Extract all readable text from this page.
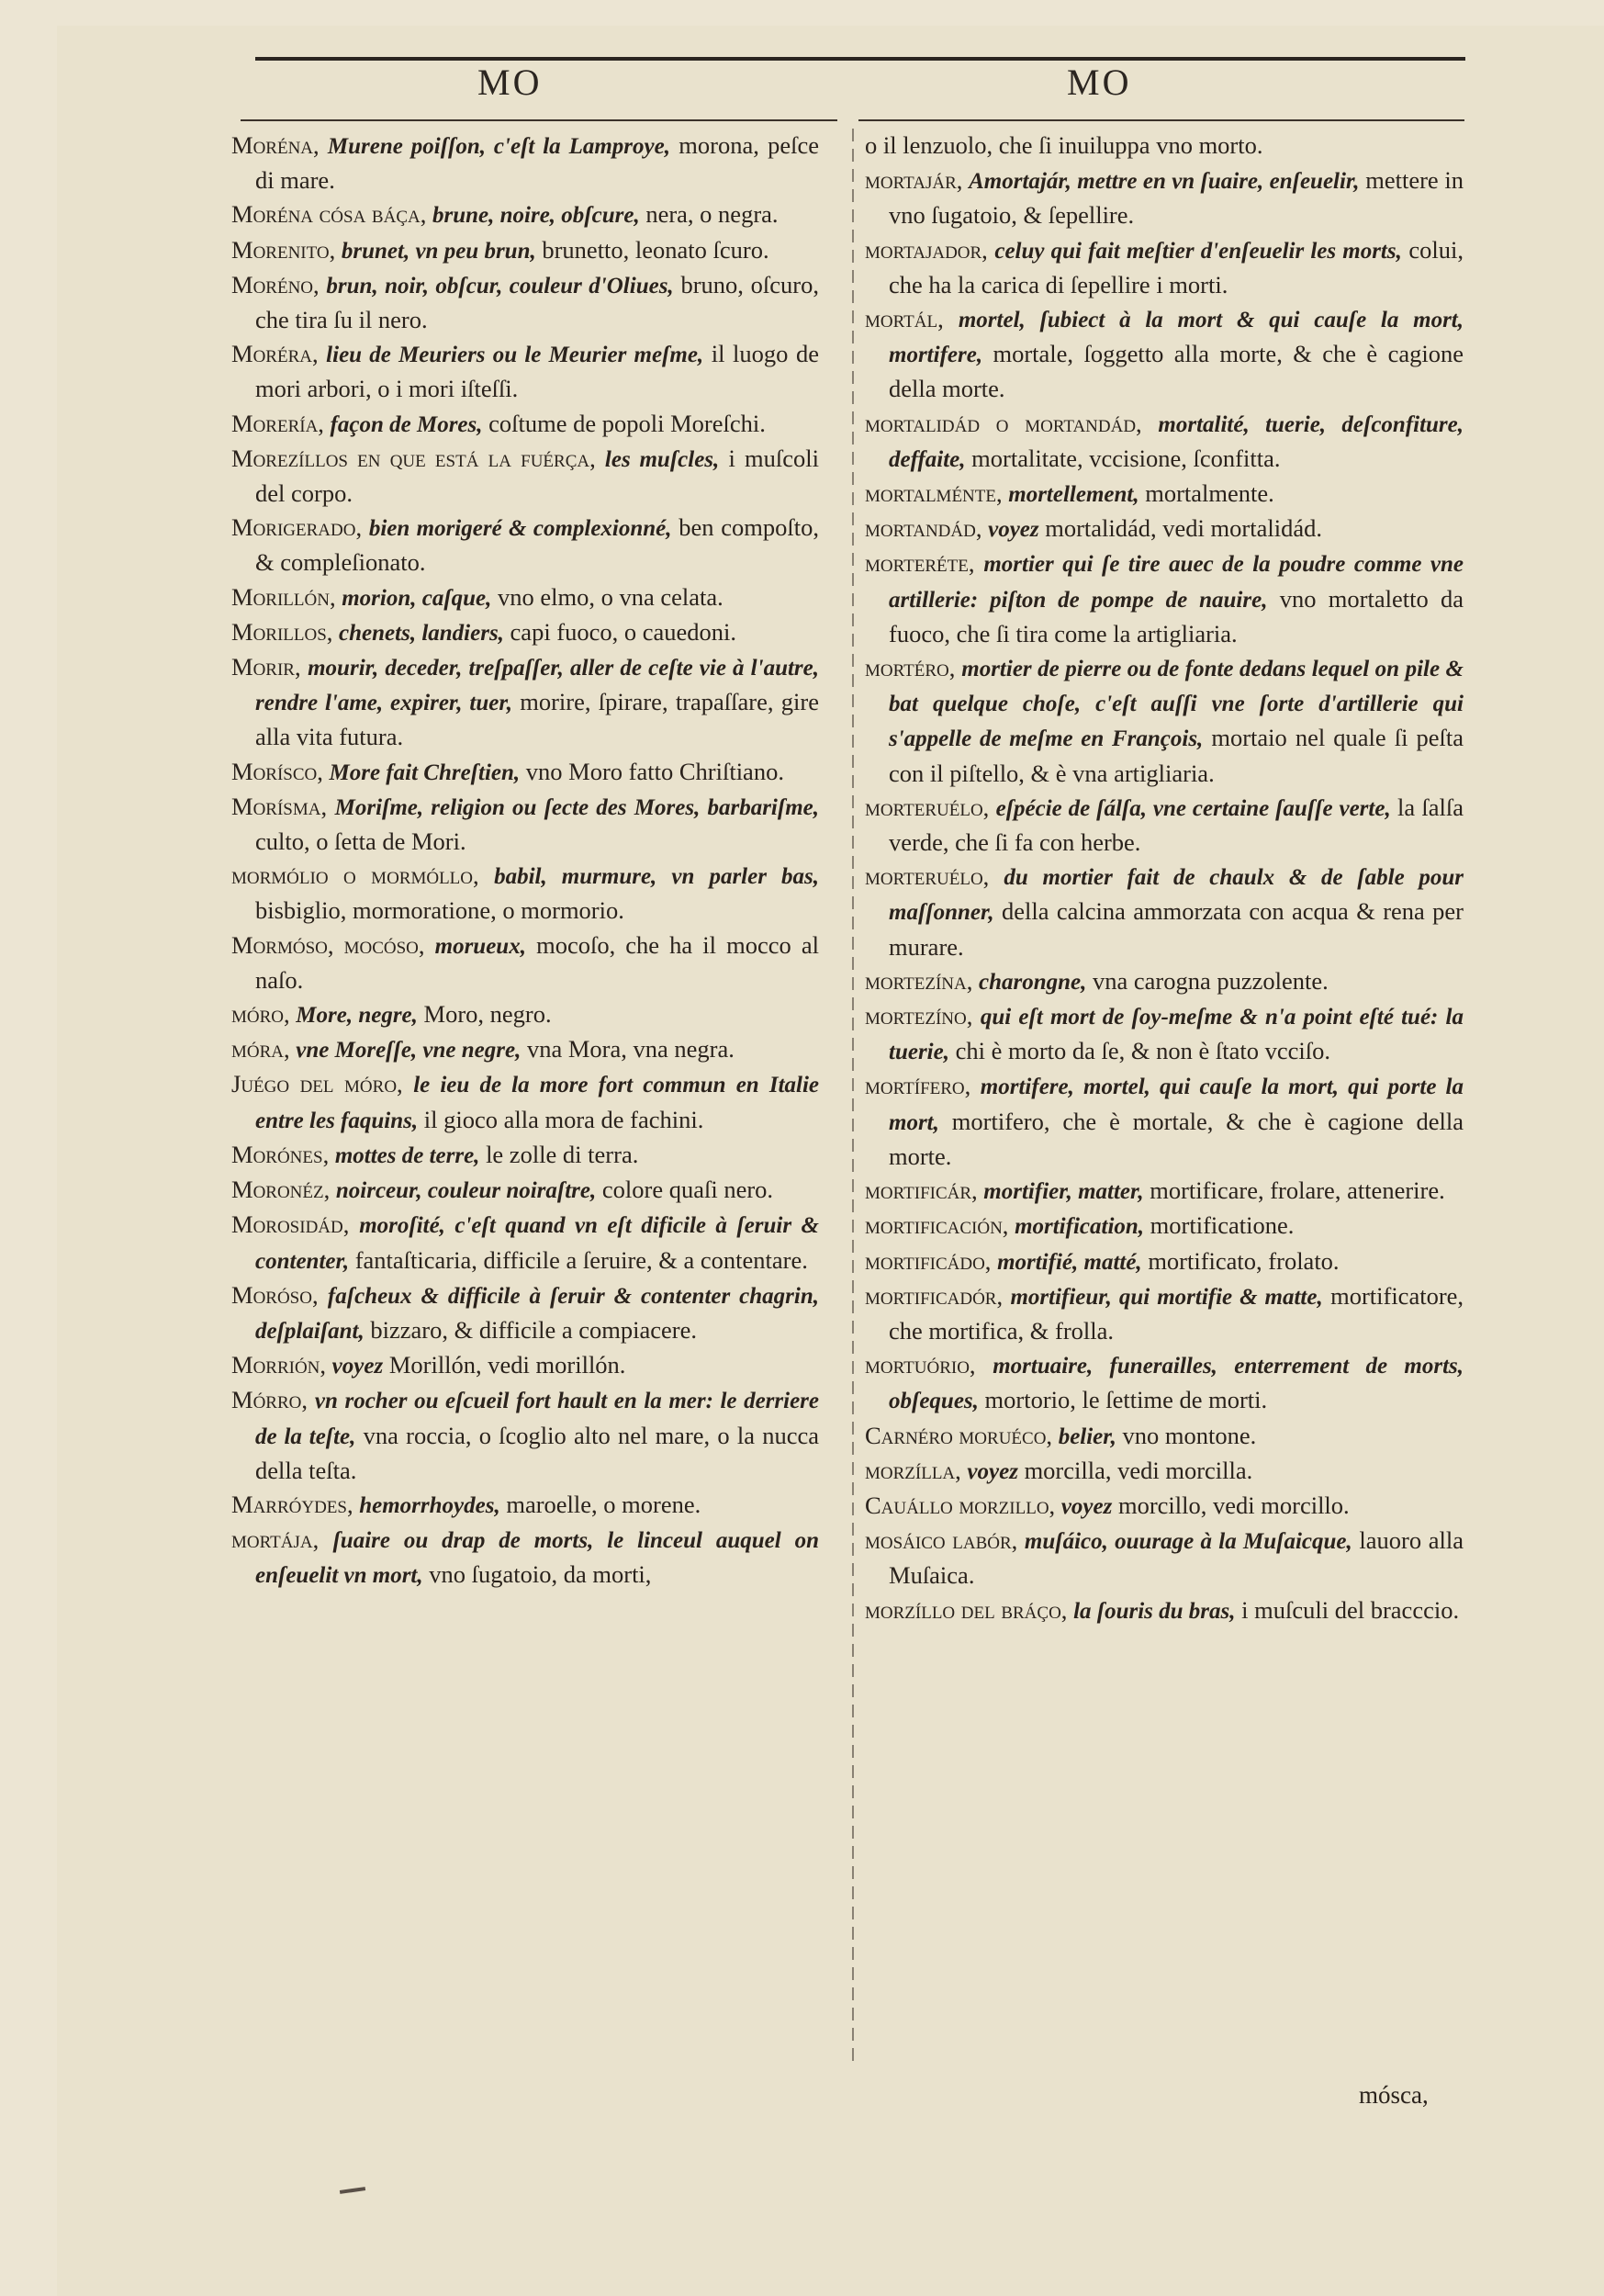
MO	MO

Moréna, Murene poiſſon, c'eſt la Lamproye, morona, peſce di mare.

Moréna cóſa báça, brune, noire, obſcure, nera, o negra.

Morenito, brunet, vn peu brun, brunetto, leonato ſcuro.

Moréno, brun, noir, obſcur, couleur d'Oliues, bruno, oſcuro, che tira ſu il nero.

Moréra, lieu de Meuriers ou le Meurier meſme, il luogo de mori arbori, o i mori iſteſſi.

Morería, façon de Mores, coſtume de popoli Moreſchi.

Morezíllos en que eſtá la fuérça, les muſcles, i muſcoli del corpo.

Morigerado, bien morigeré & complexionné, ben compoſto, & compleſionato.

Morillón, morion, caſque, vno elmo, o vna celata.

Morillos, chenets, landiers, capi fuoco, o cauedoni.

Morir, mourir, deceder, treſpaſſer, aller de ceſte vie à l'autre, rendre l'ame, expirer, tuer, morire, ſpirare, trapaſſare, gire alla vita futura.

Moríſco, More fait Chreſtien, vno Moro fatto Chriſtiano.

Moríſma, Moriſme, religion ou ſecte des Mores, barbariſme, culto, o ſetta de Mori.

mormólio o mormóllo, babil, murmure, vn parler bas, bisbiglio, mormoratione, o mormorio.

Mormóſo, mocóſo, morueux, mocoſo, che ha il mocco al naſo.

móro, More, negre, Moro, negro.

móra, vne Moreſſe, vne negre, vna Mora, vna negra.

Juégo del móro, le ieu de la more fort commun en Italie entre les faquins, il gioco alla mora de fachini.

Morónes, mottes de terre, le zolle di terra.

Moronéz, noirceur, couleur noiraſtre, colore quaſi nero.

Moroſidád, moroſité, c'eſt quand vn eſt dificile à ſeruir & contenter, fantaſticaria, difficile a ſeruire, & a contentare.

Moróſo, faſcheux & difficile à ſeruir & contenter chagrin, deſplaiſant, bizzaro, & difficile a compiacere.

Morrión, voyez Morillón, vedi morillón.

Mórro, vn rocher ou eſcueil fort hault en la mer: le derriere de la teſte, vna roccia, o ſcoglio alto nel mare, o la nucca della teſta.

Marróydes, hemorrhoydes, maroelle, o morene.

mortája, ſuaire ou drap de morts, le linceul auquel on enſeuelit vn mort, vno ſugatoio, da morti,

o il lenzuolo, che ſi inuiluppa vno morto.

mortajár, Amortajár, mettre en vn ſuaire, enſeuelir, mettere in vno ſugatoio, & ſepellire.

mortajador, celuy qui fait meſtier d'enſeuelir les morts, colui, che ha la carica di ſepellire i morti.

mortál, mortel, ſubiect à la mort & qui cauſe la mort, mortifere, mortale, ſoggetto alla morte, & che è cagione della morte.

mortalidád o mortandád, mortalité, tuerie, deſconfiture, deffaite, mortalitate, vccisione, ſconfitta.

mortalménte, mortellement, mortalmente.

mortandád, voyez mortalidád, vedi mortalidád.

morteréte, mortier qui ſe tire auec de la poudre comme vne artillerie: piſton de pompe de nauire, vno mortaletto da fuoco, che ſi tira come la artigliaria.

mortéro, mortier de pierre ou de fonte dedans lequel on pile & bat quelque choſe, c'eſt auſſi vne ſorte d'artillerie qui s'appelle de meſme en François, mortaio nel quale ſi peſta con il piſtello, & è vna artigliaria.

morteruélo, eſpécie de ſálſa, vne certaine ſauſſe verte, la ſalſa verde, che ſi fa con herbe.

morteruélo, du mortier fait de chaulx & de ſable pour maſſonner, della calcina ammorzata con acqua & rena per murare.

mortezína, charongne, vna carogna puzzolente.

mortezíno, qui eſt mort de ſoy-meſme & n'a point eſté tué: la tuerie, chi è morto da ſe, & non è ſtato vcciſo.

mortífero, mortifere, mortel, qui cauſe la mort, qui porte la mort, mortifero, che è mortale, & che è cagione della morte.

mortificár, mortifier, matter, mortificare, frolare, attenerire.

mortificación, mortification, mortificatione.

mortificádo, mortifié, matté, mortificato, frolato.

mortificadór, mortifieur, qui mortifie & matte, mortificatore, che mortifica, & frolla.

mortuório, mortuaire, funerailles, enterrement de morts, obſeques, mortorio, le ſettime de morti.

Carnéro moruéco, belier, vno montone.

morzílla, voyez morcilla, vedi morcilla.

Cauállo morzillo, voyez morcillo, vedi morcillo.

moſáico labór, muſáico, ouurage à la Muſaicque, lauoro alla Muſaica.

morzíllo del bráço, la ſouris du bras, i muſculi del bracccio.

mósca,
